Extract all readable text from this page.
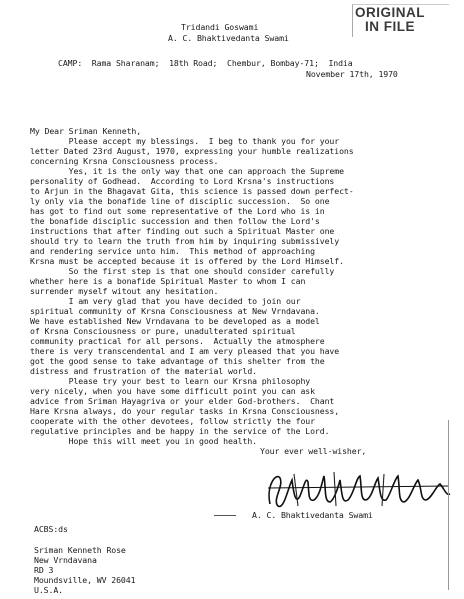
ORIGINAL
IN FILE
Tridandi Goswami
A. C. Bhaktivedanta Swami
CAMP:  Rama Sharanam;  18th Road;  Chembur, Bombay-71;  India
November 17th, 1970
My Dear Sriman Kenneth,
Please accept my blessings.  I beg to thank you for your
letter Dated 23rd August, 1970, expressing your humble realizations
concerning Krsna Consciousness process.
Yes, it is the only way that one can approach the Supreme
personality of Godhead.  According to Lord Krsna's instructions
to Arjun in the Bhagavat Gita, this science is passed down perfect-
ly only via the bonafide line of disciplic succession.  So one
has got to find out some representative of the Lord who is in
the bonafide disciplic succession and then follow the Lord's
instructions that after finding out such a Spiritual Master one
should try to learn the truth from him by inquiring submissively
and rendering service unto him.  This method of approaching
Krsna must be accepted because it is offered by the Lord Himself.
So the first step is that one should consider carefully
whether here is a bonafide Spiritual Master to whom I can
surrender myself witout any hesitation.
I am very glad that you have decided to join our
spiritual community of Krsna Consciousness at New Vrndavana.
We have established New Vrndavana to be developed as a model
of Krsna Consciousness or pure, unadulterated spiritual
community practical for all persons.  Actually the atmosphere
there is very transcendental and I am very pleased that you have
got the good sense to take advantage of this shelter from the
distress and frustration of the material world.
Please try your best to learn our Krsna philosophy
very nicely, when you have some difficult point you can ask
advice from Sriman Hayagriva or your elder God-brothers.  Chant
Hare Krsna always, do your regular tasks in Krsna Consciousness,
cooperate with the other devotees, follow strictly the four
regulative principles and be happy in the service of the Lord.
Hope this will meet you in good health.
Your ever well-wisher,
A. C. Bhaktivedanta Swami
ACBS:ds
Sriman Kenneth Rose
New Vrndavana
RD 3
Moundsville, WV 26041
U.S.A.
